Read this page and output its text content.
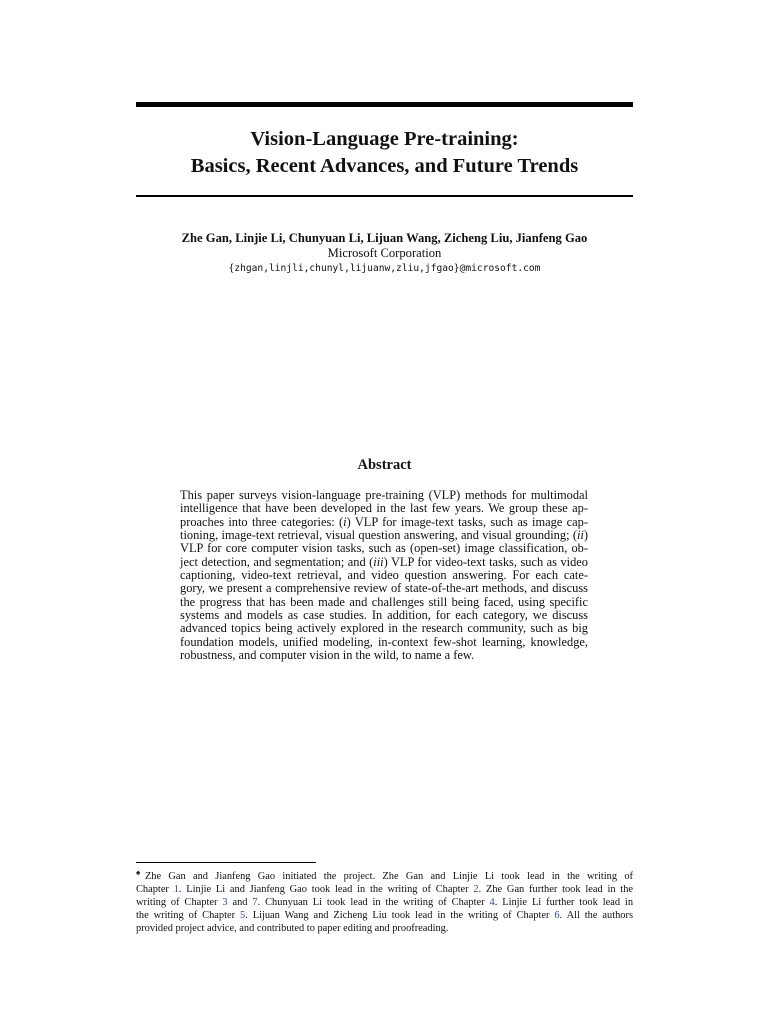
Vision-Language Pre-training:
Basics, Recent Advances, and Future Trends
Zhe Gan, Linjie Li, Chunyuan Li, Lijuan Wang, Zicheng Liu, Jianfeng Gao
Microsoft Corporation
{zhgan,linjli,chunyl,lijuanw,zliu,jfgao}@microsoft.com
Abstract
This paper surveys vision-language pre-training (VLP) methods for multimodal
intelligence that have been developed in the last few years. We group these ap-
proaches into three categories: (i) VLP for image-text tasks, such as image cap-
tioning, image-text retrieval, visual question answering, and visual grounding; (ii)
VLP for core computer vision tasks, such as (open-set) image classification, ob-
ject detection, and segmentation; and (iii) VLP for video-text tasks, such as video
captioning, video-text retrieval, and video question answering. For each cate-
gory, we present a comprehensive review of state-of-the-art methods, and discuss
the progress that has been made and challenges still being faced, using specific
systems and models as case studies. In addition, for each category, we discuss
advanced topics being actively explored in the research community, such as big
foundation models, unified modeling, in-context few-shot learning, knowledge,
robustness, and computer vision in the wild, to name a few.
♠Zhe Gan and Jianfeng Gao initiated the project. Zhe Gan and Linjie Li took lead in the writing of
Chapter 1. Linjie Li and Jianfeng Gao took lead in the writing of Chapter 2. Zhe Gan further took lead in the
writing of Chapter 3 and 7. Chunyuan Li took lead in the writing of Chapter 4. Linjie Li further took lead in
the writing of Chapter 5. Lijuan Wang and Zicheng Liu took lead in the writing of Chapter 6. All the authors
provided project advice, and contributed to paper editing and proofreading.
